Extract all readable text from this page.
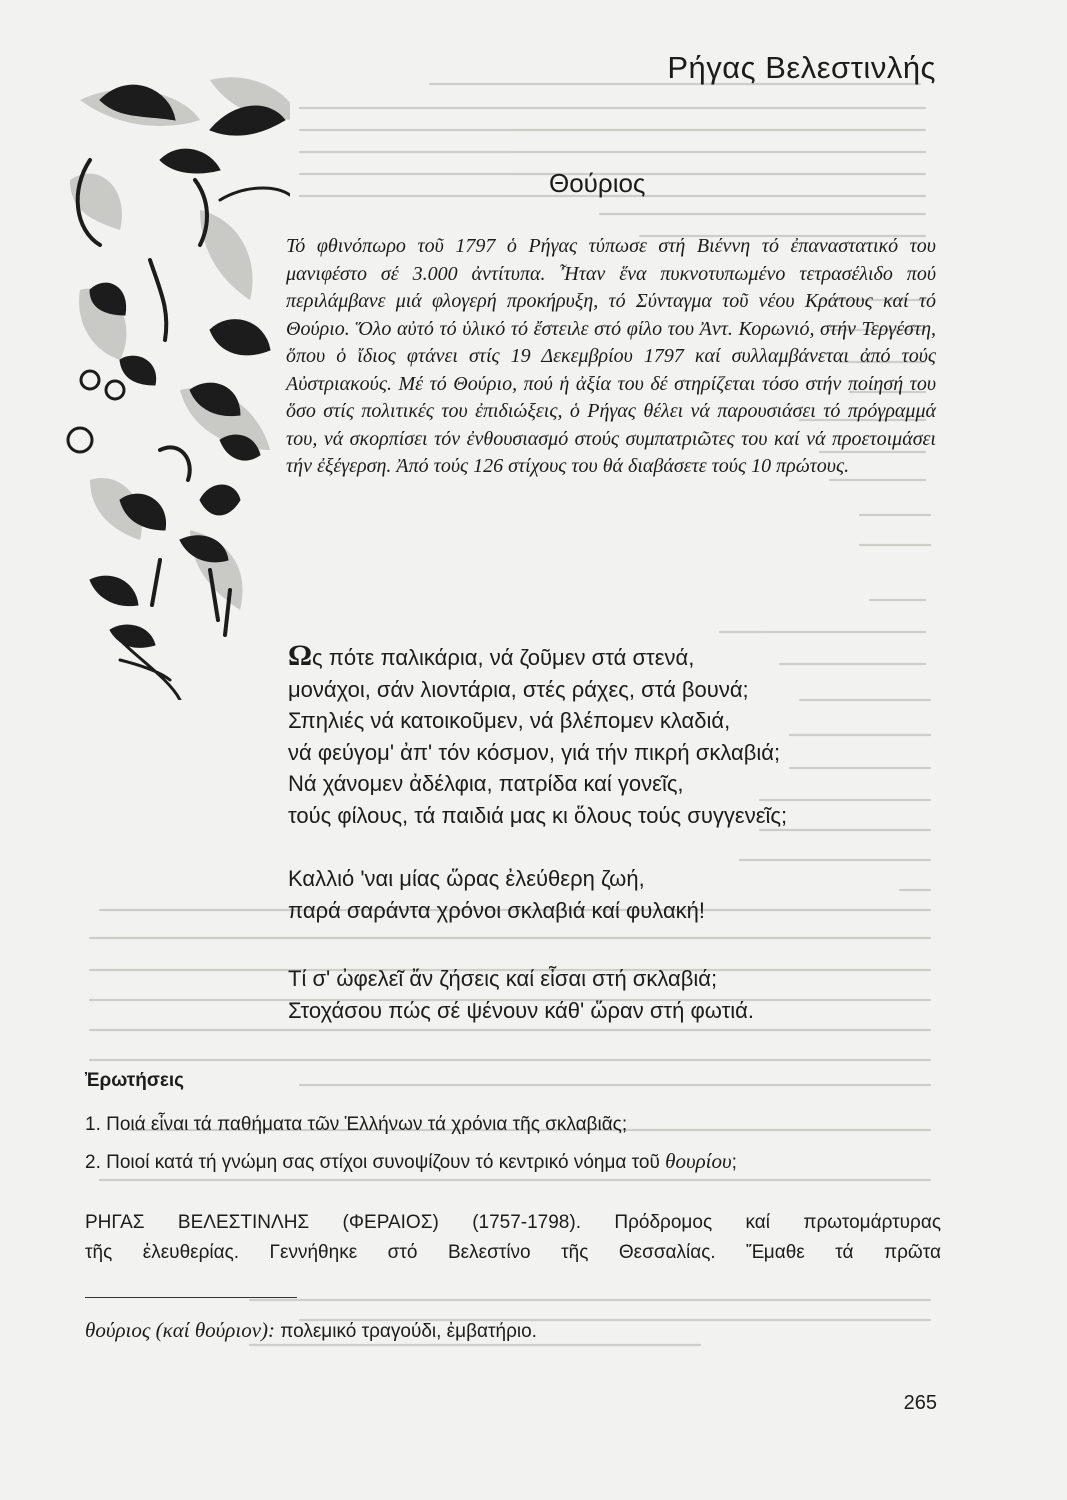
Ρήγας Βελεστινλής
Θούριος

Τό φθινόπωρο τοῦ 1797 ὁ Ρήγας τύπωσε στή Βιέννη τό ἐπαναστατικό του μανιφέστο σέ 3.000 ἀντίτυπα. Ἦταν ἕνα πυκνοτυπωμένο τετρασέλιδο πού περιλάμβανε μιά φλογερή προκήρυξη, τό Σύνταγμα τοῦ νέου Κράτους καί τό Θούριο. Ὅλο αὐτό τό ὑλικό τό ἔστειλε στό φίλο του Ἀντ. Κορωνιό, στήν Τεργέστη, ὅπου ὁ ἴδιος φτάνει στίς 19 Δεκεμβρίου 1797 καί συλλαμβάνεται ἀπό τούς Αὐστριακούς. Μέ τό Θούριο, πού ἡ ἀξία του δέ στηρίζεται τόσο στήν ποίησή του ὅσο στίς πολιτικές του ἐπιδιώξεις, ὁ Ρήγας θέλει νά παρουσιάσει τό πρόγραμμά του, νά σκορπίσει τόν ἐνθουσιασμό στούς συμπατριῶτες του καί νά προετοιμάσει τήν ἐξέγερση. Ἀπό τούς 126 στίχους του θά διαβάσετε τούς 10 πρώτους.

Ως πότε παλικάρια, νά ζοῦμεν στά στενά,
μονάχοι, σάν λιοντάρια, στές ράχες, στά βουνά;
Σπηλιές νά κατοικοῦμεν, νά βλέπομεν κλαδιά,
νά φεύγομ' ἀπ' τόν κόσμον, γιά τήν πικρή σκλαβιά;
Νά χάνομεν ἀδέλφια, πατρίδα καί γονεῖς,
τούς φίλους, τά παιδιά μας κι ὅλους τούς συγγενεῖς;
Καλλιό 'ναι μίας ὥρας ἐλεύθερη ζωή,
παρά σαράντα χρόνοι σκλαβιά καί φυλακή!
Τί σ' ὠφελεῖ ἄν ζήσεις καί εἶσαι στή σκλαβιά;
Στοχάσου πώς σέ ψένουν κάθ' ὥραν στή φωτιά.
Ἐρωτήσεις
1. Ποιά εἶναι τά παθήματα τῶν Ἑλλήνων τά χρόνια τῆς σκλαβιᾶς;
2. Ποιοί κατά τή γνώμη σας στίχοι συνοψίζουν τό κεντρικό νόημα τοῦ θουρίου;
ΡΗΓΑΣ ΒΕΛΕΣΤΙΝΛΗΣ (ΦΕΡΑΙΟΣ) (1757-1798). Πρόδρομος καί πρωτομάρτυρας
τῆς ἐλευθερίας. Γεννήθηκε στό Βελεστίνο τῆς Θεσσαλίας. Ἔμαθε τά πρῶτα
θούριος (καί θούριον): πολεμικό τραγούδι, ἐμβατήριο.
265
